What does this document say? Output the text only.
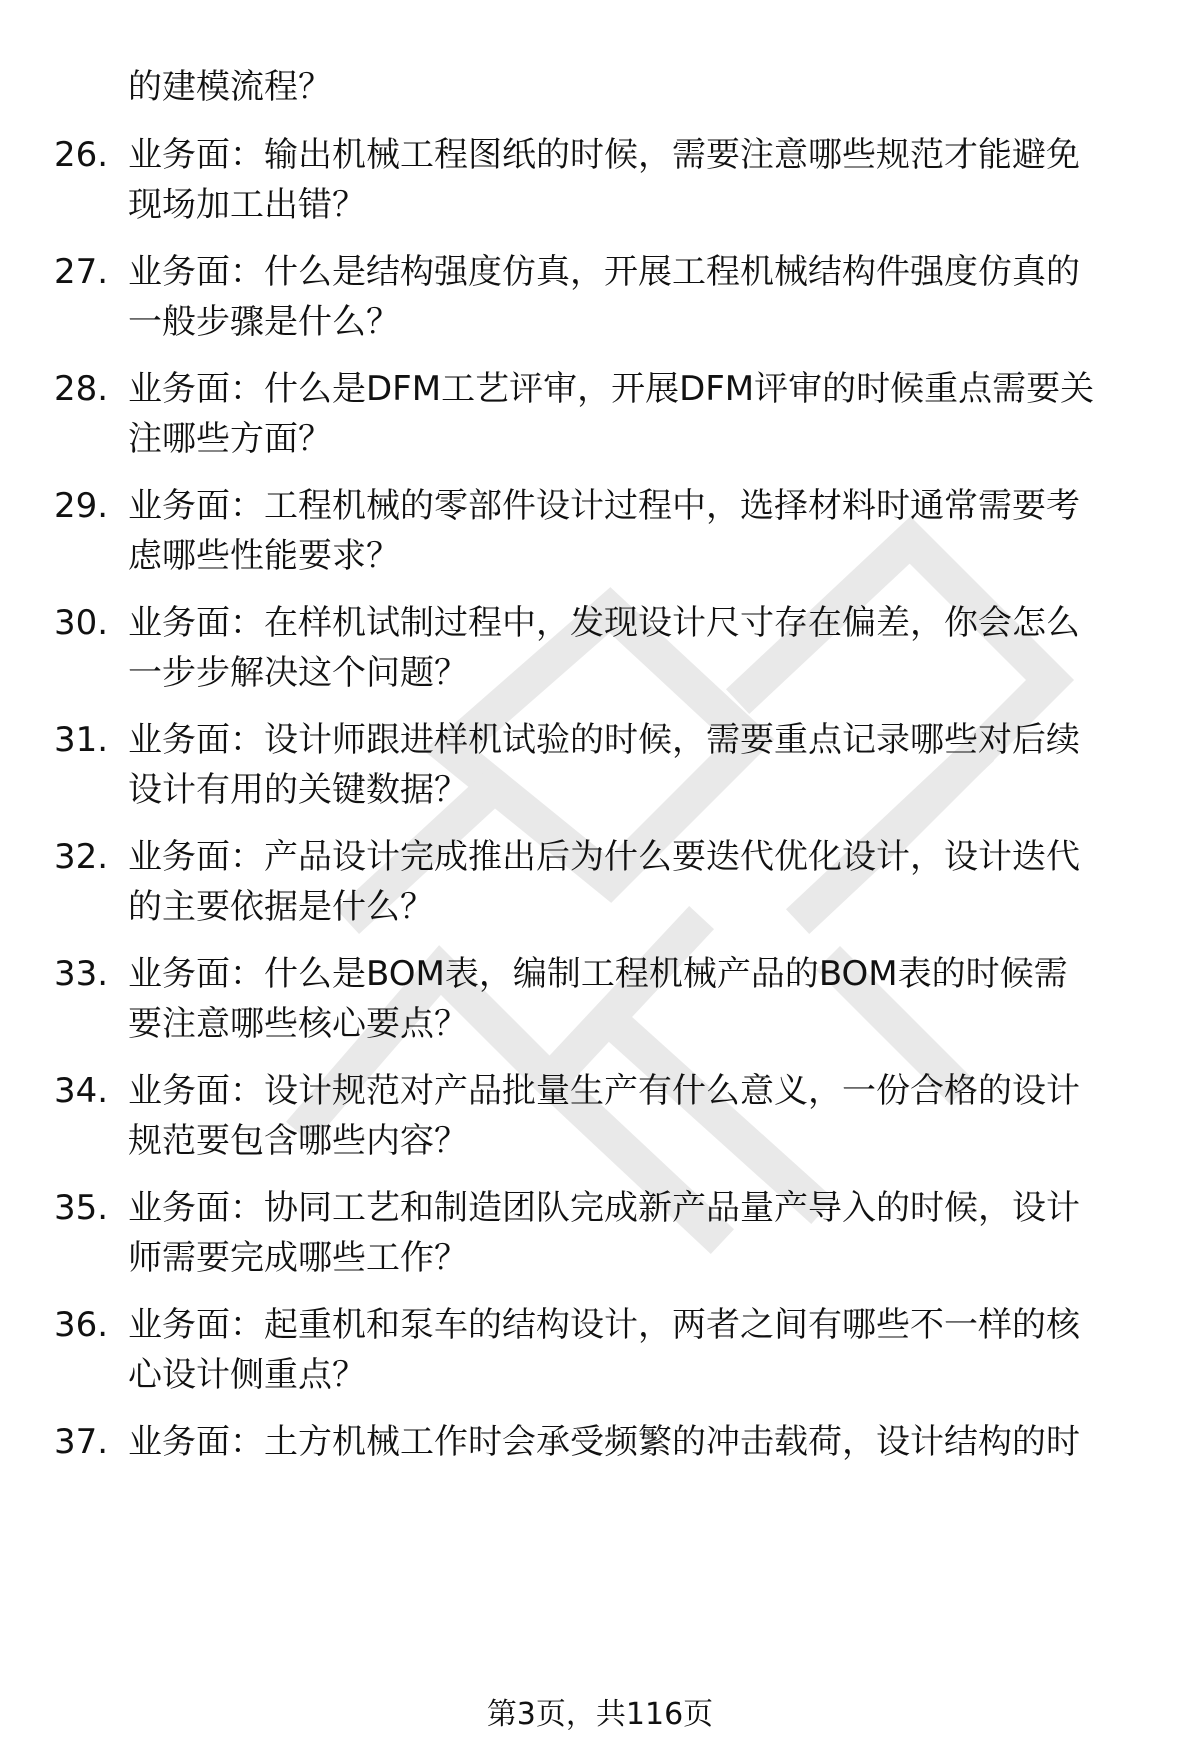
的建模流程？
26. 业务面：输出机械工程图纸的时候，需要注意哪些规范才能避免
现场加工出错？
27. 业务面：什么是结构强度仿真，开展工程机械结构件强度仿真的
一般步骤是什么？
28. 业务面：什么是DFM工艺评审，开展DFM评审的时候重点需要关
注哪些方面？
29. 业务面：工程机械的零部件设计过程中，选择材料时通常需要考
虑哪些性能要求？
30. 业务面：在样机试制过程中，发现设计尺寸存在偏差，你会怎么
一步步解决这个问题？
31. 业务面：设计师跟进样机试验的时候，需要重点记录哪些对后续
设计有用的关键数据？
32. 业务面：产品设计完成推出后为什么要迭代优化设计，设计迭代
的主要依据是什么？
33. 业务面：什么是BOM表，编制工程机械产品的BOM表的时候需
要注意哪些核心要点？
34. 业务面：设计规范对产品批量生产有什么意义，一份合格的设计
规范要包含哪些内容？
35. 业务面：协同工艺和制造团队完成新产品量产导入的时候，设计
师需要完成哪些工作？
36. 业务面：起重机和泵车的结构设计，两者之间有哪些不一样的核
心设计侧重点？
37. 业务面：土方机械工作时会承受频繁的冲击载荷，设计结构的时
第3页，共116页
